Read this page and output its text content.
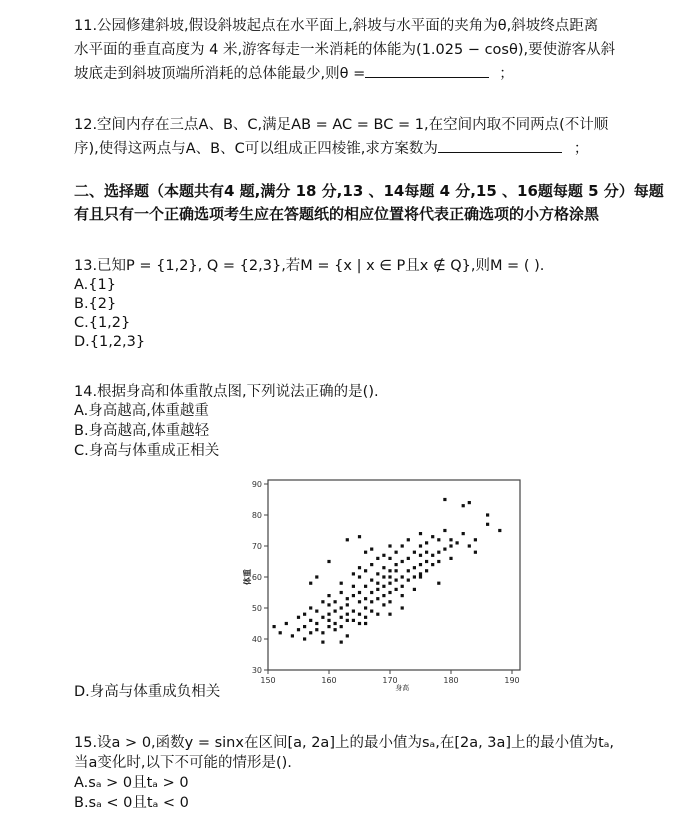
11.公园修建斜坡,假设斜坡起点在水平面上,斜坡与水平面的夹角为θ,斜坡终点距离
水平面的垂直高度为 4 米,游客每走一米消耗的体能为(1.025 − cosθ),要使游客从斜
坡底走到斜坡顶端所消耗的总体能最少,则θ =	；
12.空间内存在三点A、B、C,满足AB = AC = BC = 1,在空间内取不同两点(不计顺
序),使得这两点与A、B、C可以组成正四棱锥,求方案数为	；
二、选择题（本题共有4 题,满分 18 分,13 、14每题 4 分,15 、16题每题 5 分）每题
有且只有一个正确选项考生应在答题纸的相应位置将代表正确选项的小方格涂黑
13.已知P = {1,2}, Q = {2,3},若M = {x | x ∈ P且x ∉ Q},则M = ( ).
A.{1}
B.{2}
C.{1,2}
D.{1,2,3}
14.根据身高和体重散点图,下列说法正确的是().
A.身高越高,体重越重
B.身高越高,体重越轻
C.身高与体重成正相关
90
80
70
60
50
40
30
150	160	170	180	190
体重
身高
D.身高与体重成负相关
15.设a > 0,函数y = sinx在区间[a, 2a]上的最小值为sₐ,在[2a, 3a]上的最小值为tₐ,
当a变化时,以下不可能的情形是().
A.sₐ > 0且tₐ > 0
B.sₐ < 0且tₐ < 0
